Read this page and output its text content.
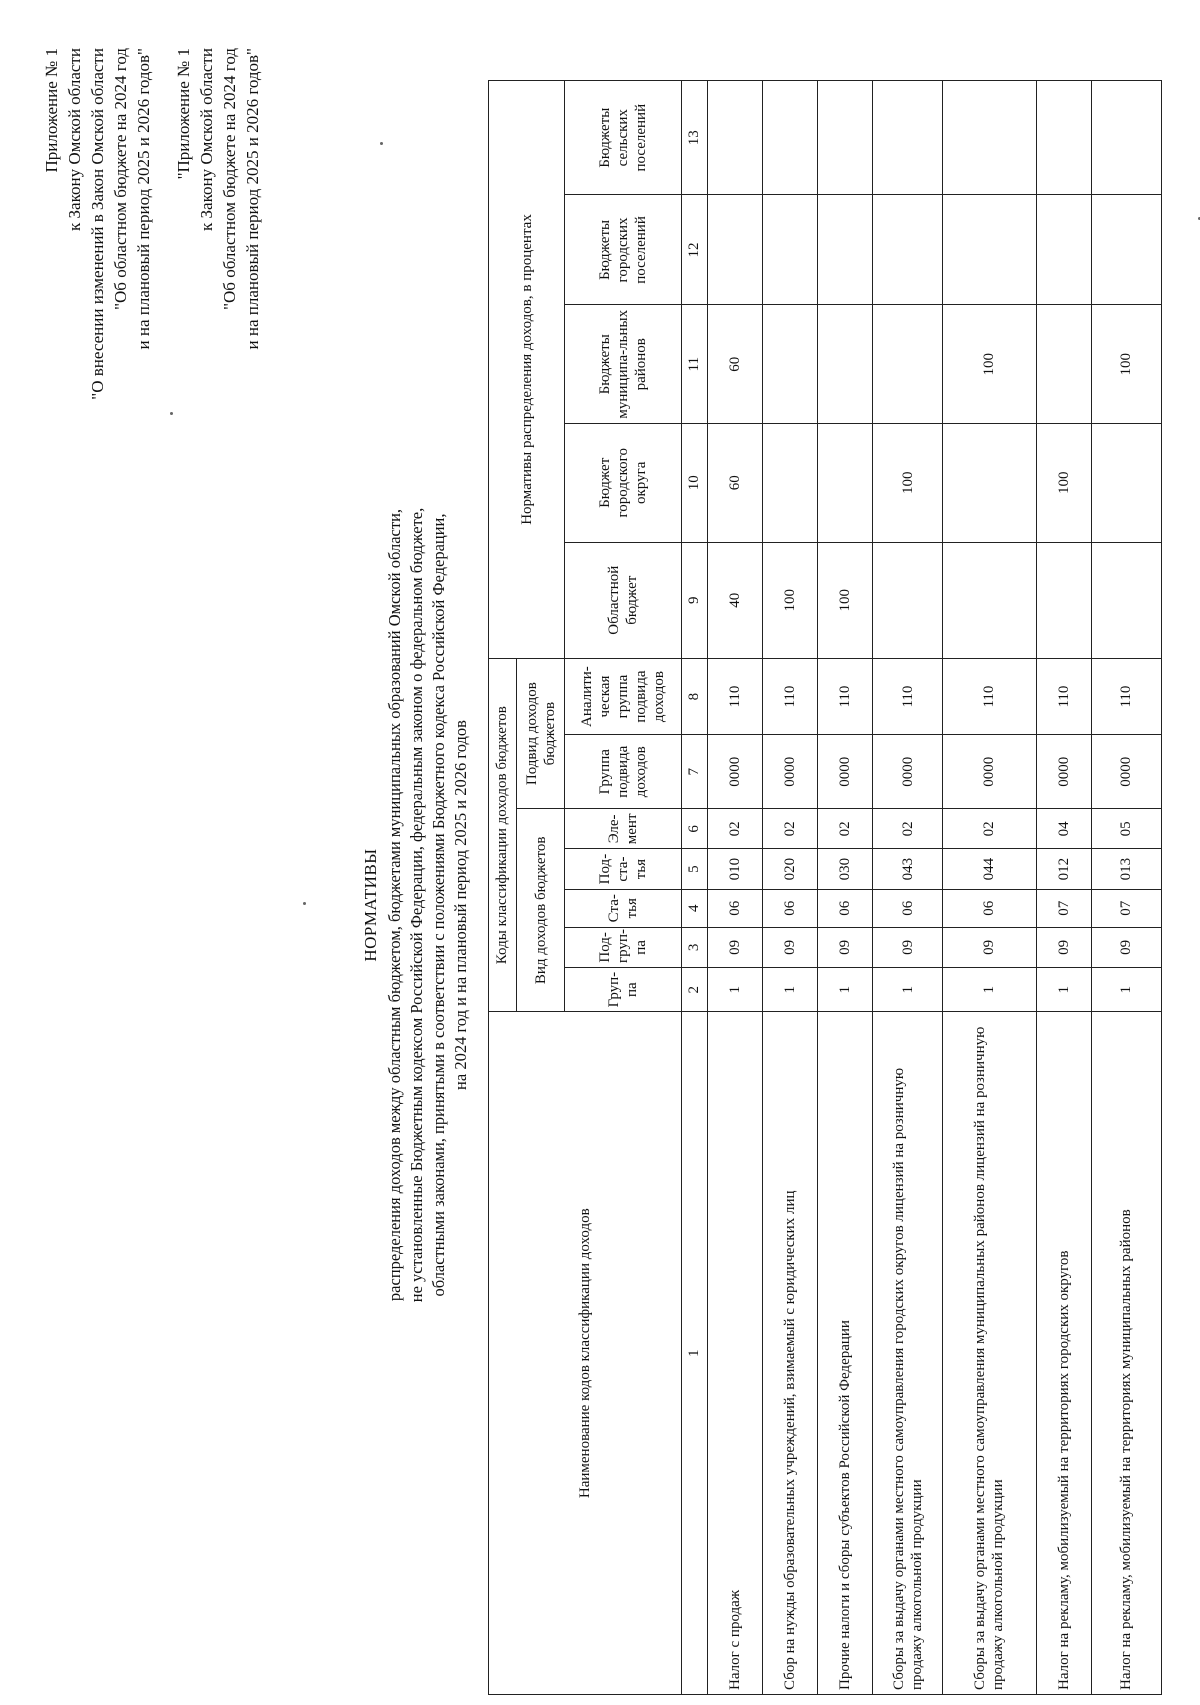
Приложение № 1 к Закону Омской области "О внесении изменений в Закон Омской области "Об областном бюджете на 2024 год и на плановый период 2025 и 2026 годов" "Приложение № 1 к Закону Омской области "Об областном бюджете на 2024 год и на плановый период 2025 и 2026 годов"
НОРМАТИВЫ распределения доходов между областным бюджетом, бюджетами муниципальных образований Омской области, не установленные Бюджетным кодексом Российской Федерации, федеральным законом о федеральном бюджете, областными законами, принятыми в соответствии с положениями Бюджетного кодекса Российской Федерации, на 2024 год и на плановый период 2025 и 2026 годов
Наименование кодов классификации доходов	Коды классификации доходов бюджетов							Нормативы распределения доходов, в процентах				
	Вид доходов бюджетов					Подвид доходов бюджетов						
	Груп-па	Под-груп-па	Ста-тья	Под-ста-тья	Эле-мент	Группа подвида доходов	Аналити-ческая группа подвида доходов	Областной бюджет	Бюджет городского округа	Бюджеты муниципа-льных районов	Бюджеты городских поселений	Бюджеты сельских поселений
1	2	3	4	5	6	7	8	9	10	11	12	13
Налог с продаж	1	09	06	010	02	0000	110	40	60	60		
Сбор на нужды образовательных учреждений, взимаемый с юридических лиц	1	09	06	020	02	0000	110	100				
Прочие налоги и сборы субъектов Российской Федерации	1	09	06	030	02	0000	110	100				
Сборы за выдачу органами местного самоуправления городских округов лицензий на розничную продажу алкогольной продукции	1	09	06	043	02	0000	110		100			
Сборы за выдачу органами местного самоуправления муниципальных районов лицензий на розничную продажу алкогольной продукции	1	09	06	044	02	0000	110			100		
Налог на рекламу, мобилизуемый на территориях городских округов	1	09	07	012	04	0000	110		100			
Налог на рекламу, мобилизуемый на территориях муниципальных районов	1	09	07	013	05	0000	110			100		
